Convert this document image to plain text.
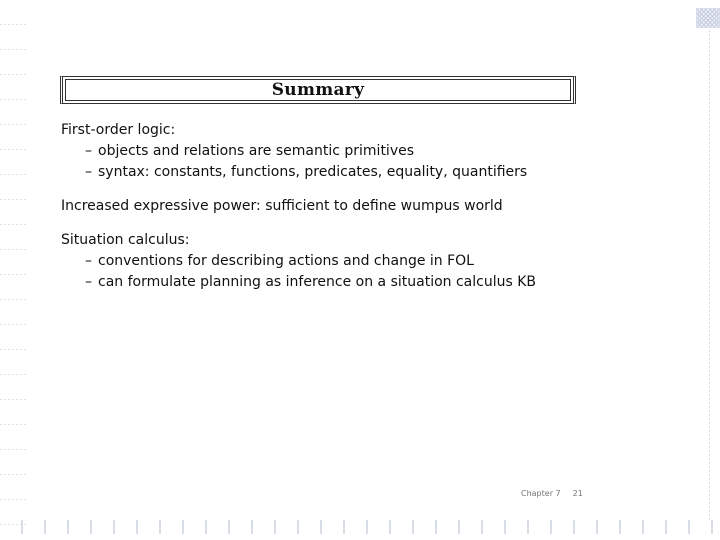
Summary
First-order logic:
– objects and relations are semantic primitives
– syntax: constants, functions, predicates, equality, quantifiers
Increased expressive power: sufficient to define wumpus world
Situation calculus:
– conventions for describing actions and change in FOL
– can formulate planning as inference on a situation calculus KB
Chapter 7 21
